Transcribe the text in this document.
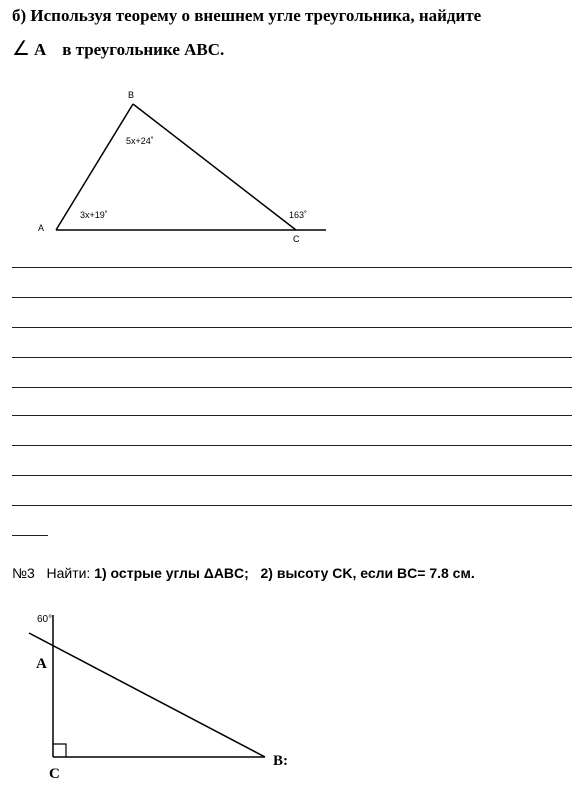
б) Используя теорему о внешнем угле треугольника, найдите
∠ A в треугольнике ABC.
A
B
C
5x+24˚
3x+19˚	163˚
60°
A
C
B:
№3 Найти: 1) острые углы ΔABC; 2) высоту CK, если BC= 7.8 см.
